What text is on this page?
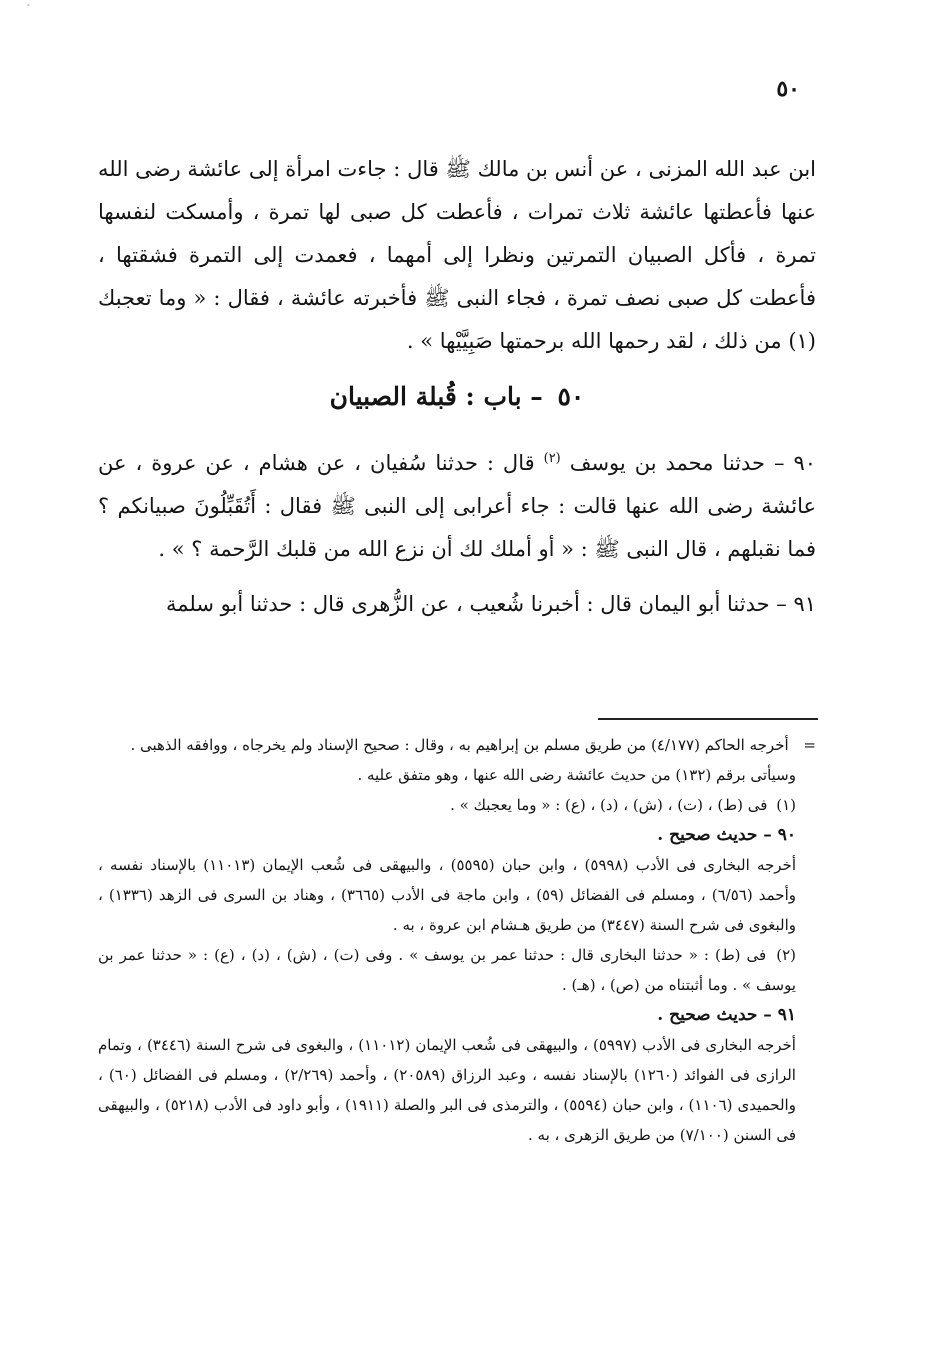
٥٠

ابن عبد الله المزنى ، عن أنس بن مالك ﷺ قال : جاءت امرأة إلى عائشة رضى الله عنها فأعطتها عائشة ثلاث تمرات ، فأعطت كل صبى لها تمرة ، وأمسكت لنفسها تمرة ، فأكل الصبيان التمرتين ونظرا إلى أمهما ، فعمدت إلى التمرة فشقتها ، فأعطت كل صبى نصف تمرة ، فجاء النبى ﷺ فأخبرته عائشة ، فقال : « وما تعجبك (١) من ذلك ، لقد رحمها الله برحمتها صَبِيَّيْها » .

٥٠ – باب : قُبلة الصبيان

٩٠ – حدثنا محمد بن يوسف $^{(٢)}$ قال : حدثنا سُفيان ، عن هشام ، عن عروة ، عن عائشة رضى الله عنها قالت : جاء أعرابى إلى النبى ﷺ فقال : أَتُقَبِّلُونَ صبيانكم ؟ فما نقبلهم ، قال النبى ﷺ : « أو أملك لك أن نزع الله من قلبك الرَّحمة ؟ » .

٩١ – حدثنا أبو اليمان قال : أخبرنا شُعيب ، عن الزُّهرى قال : حدثنا أبو سلمة

= أخرجه الحاكم (٤/١٧٧) من طريق مسلم بن إبراهيم به ، وقال : صحيح الإسناد ولم يخرجاه ، ووافقه الذهبى .

وسيأتى برقم (١٣٢) من حديث عائشة رضى الله عنها ، وهو متفق عليه .

(١) فى (ط) ، (ت) ، (ش) ، (د) ، (ع) : « وما يعجبك » .

٩٠ – حديث صحيح .

أخرجه البخارى فى الأدب (٥٩٩٨) ، وابن حبان (٥٥٩٥) ، والبيهقى فى شُعب الإيمان (١١٠١٣) بالإسناد نفسه ، وأحمد (٦/٥٦) ، ومسلم فى الفضائل (٥٩) ، وابن ماجة فى الأدب (٣٦٦٥) ، وهناد بن السرى فى الزهد (١٣٣٦) ، والبغوى فى شرح السنة (٣٤٤٧) من طريق هـشام ابن عروة ، به .

(٢) فى (ط) : « حدثنا البخارى قال : حدثنا عمر بن يوسف » . وفى (ت) ، (ش) ، (د) ، (ع) : « حدثنا عمر بن يوسف » . وما أثبتناه من (ص) ، (هـ) .

٩١ – حديث صحيح .

أخرجه البخارى فى الأدب (٥٩٩٧) ، والبيهقى فى شُعب الإيمان (١١٠١٢) ، والبغوى فى شرح السنة (٣٤٤٦) ، وتمام الرازى فى الفوائد (١٢٦٠) بالإسناد نفسه ، وعبد الرزاق (٢٠٥٨٩) ، وأحمد (٢/٢٦٩) ، ومسلم فى الفضائل (٦٠) ، والحميدى (١١٠٦) ، وابن حبان (٥٥٩٤) ، والترمذى فى البر والصلة (١٩١١) ، وأبو داود فى الأدب (٥٢١٨) ، والبيهقى فى السنن (٧/١٠٠) من طريق الزهرى ، به .
